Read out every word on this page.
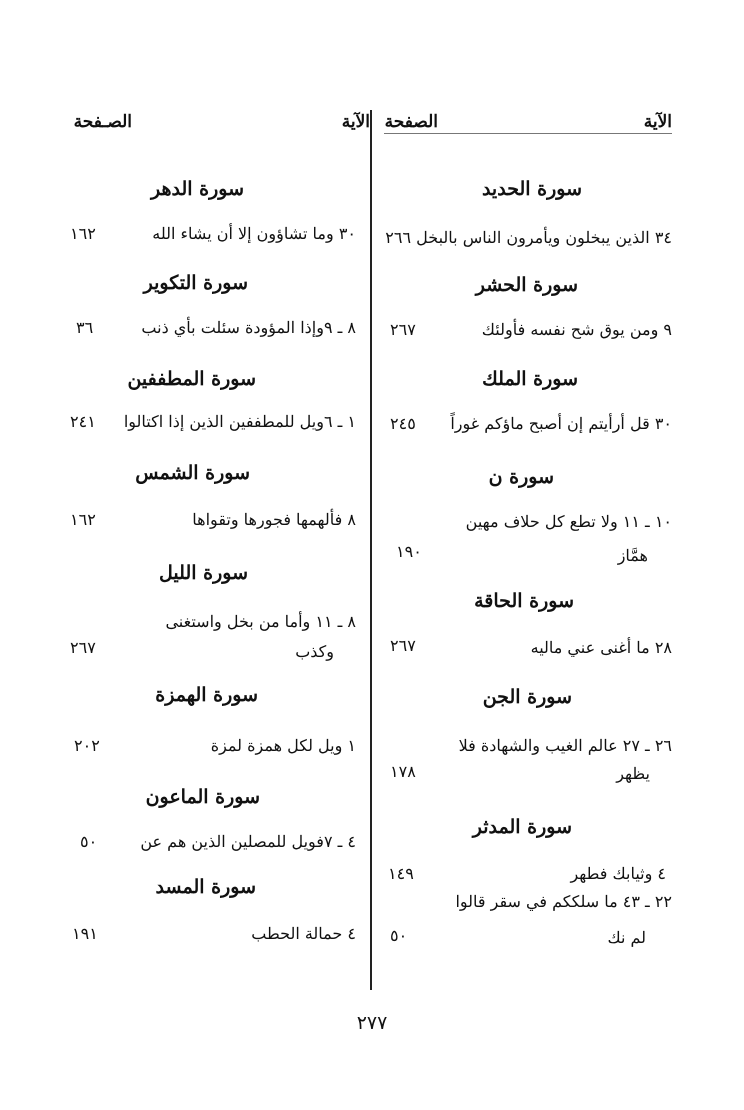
الآية
الصفحة
الآية
الصـفحة
سورة الحديد
٣٤ الذين يبخلون ويأمرون الناس بالبخل ٢٦٦
سورة الحشر
٩ ومن يوق شح نفسه فأولئك
٢٦٧
سورة الملك
٣٠ قل أرأيتم إن أصبح ماؤكم غوراً
٢٤٥
سورة ن
١٠ ـ ١١ ولا تطع كل حلاف مهين
همَّاز
١٩٠
سورة الحاقة
٢٨ ما أغنى عني ماليه
٢٦٧
سورة الجن
٢٦ ـ ٢٧ عالم الغيب والشهادة فلا
يظهر
١٧٨
سورة المدثر
٤ وثيابك فطهر
١٤٩
٢٢ ـ ٤٣ ما سلككم في سقر قالوا
لم نك
٥٠
سورة الدهر
٣٠ وما تشاؤون إلا أن يشاء الله
١٦٢
سورة التكوير
٨ ـ ٩وإذا المؤودة سئلت بأي ذنب
٣٦
سورة المطففين
١ ـ ٦ويل للمطففين الذين إذا اكتالوا
٢٤١
سورة الشمس
٨ فألهمها فجورها وتقواها
١٦٢
سورة الليل
٨ ـ ١١ وأما من بخل واستغنى
وكذب
٢٦٧
سورة الهمزة
١ ويل لكل همزة لمزة
٢٠٢
سورة الماعون
٤ ـ ٧فويل للمصلين الذين هم عن
٥٠
سورة المسد
٤ حمالة الحطب
١٩١
٢٧٧
